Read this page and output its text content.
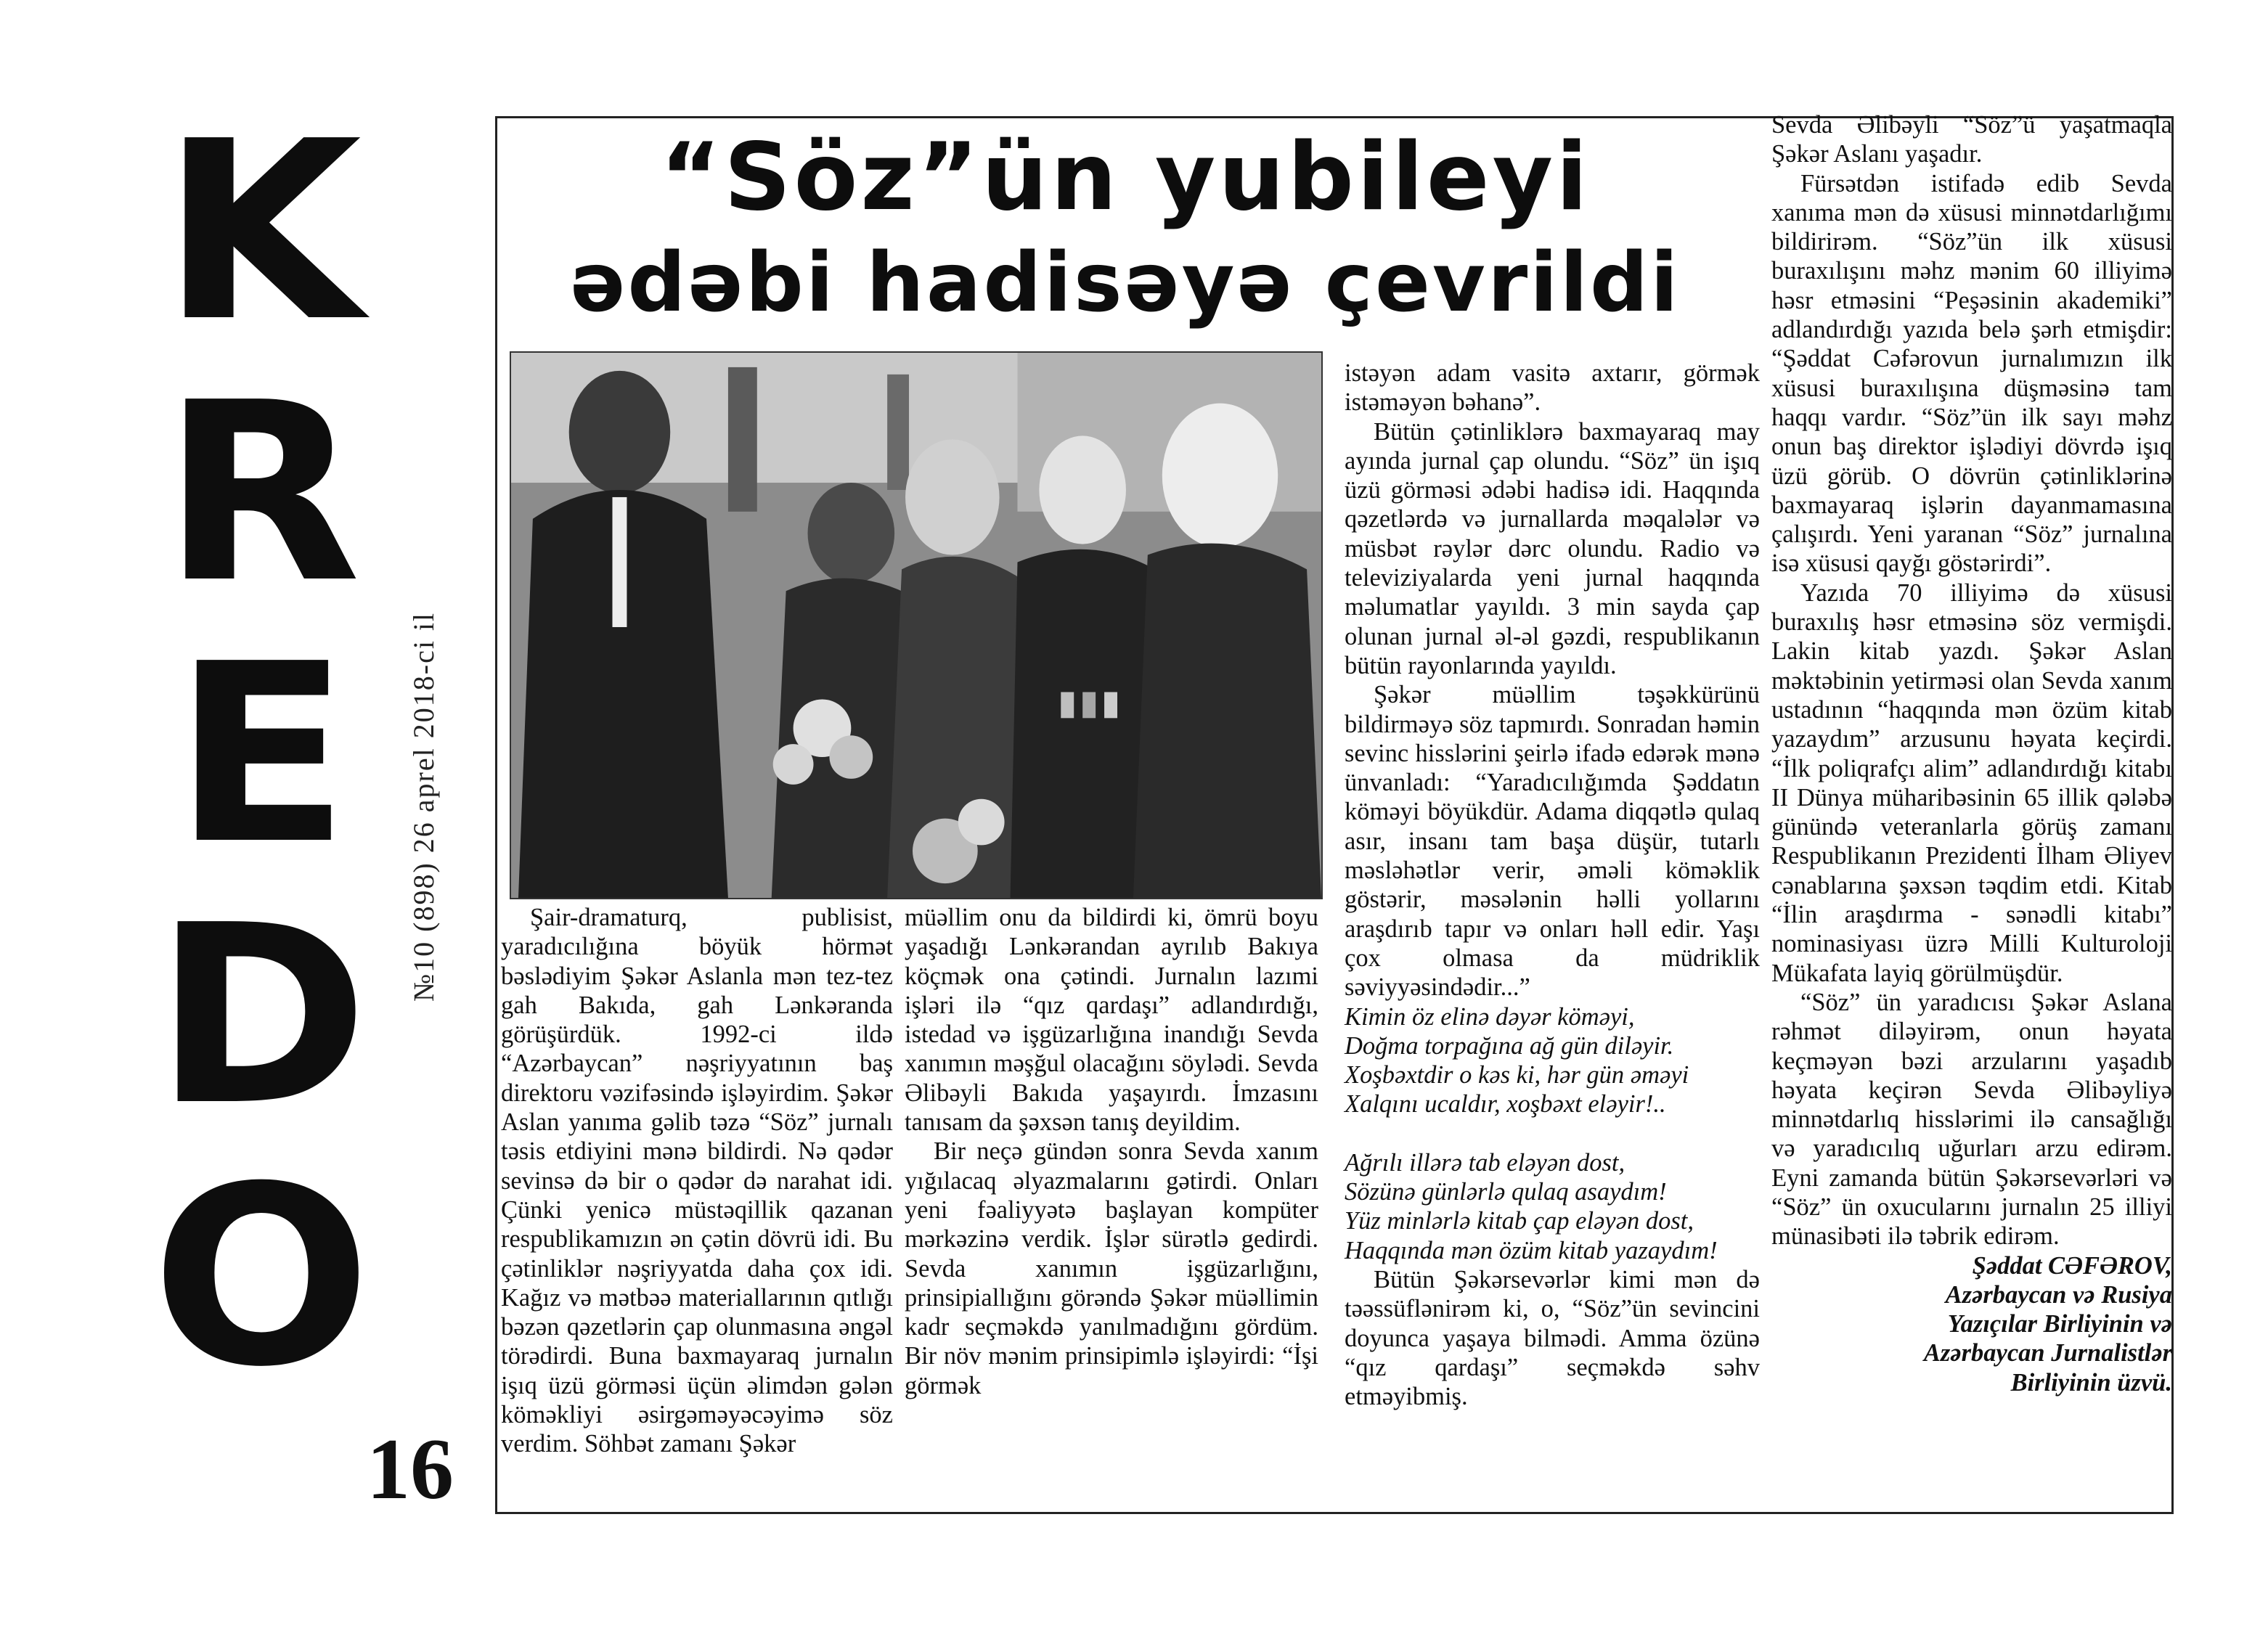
K
R
E
D
O
№10 (898) 26 aprel 2018-ci il
16
“Söz”ün yubileyi
ədəbi hadisəyə çevrildi

Şair-dramaturq, publisist, yaradıcılığına böyük hörmət bəslədiyim Şəkər Aslanla mən tez-tez gah Bakıda, gah Lənkəranda görüşürdük. 1992-ci ildə “Azərbaycan” nəşriyyatının baş direktoru vəzifəsində işləyirdim. Şəkər Aslan yanıma gəlib təzə “Söz” jurnalı təsis etdiyini mənə bildirdi. Nə qədər sevinsə də bir o qədər də narahat idi. Çünki yenicə müstəqillik qazanan respublikamızın ən çətin dövrü idi. Bu çətinliklər nəşriyyatda daha çox idi. Kağız və mətbəə materiallarının qıtlığı bəzən qəzetlərin çap olunmasına əngəl törədirdi. Buna baxmayaraq jurnalın işıq üzü görməsi üçün əlimdən gələn köməkliyi əsirgəməyəcəyimə söz verdim. Söhbət zamanı Şəkər

müəllim onu da bildirdi ki, ömrü boyu yaşadığı Lənkərandan ayrılıb Bakıya köçmək ona çətindi. Jurnalın lazımi işləri ilə “qız qardaşı” adlandırdığı, istedad və işgüzarlığına inandığı Sevda xanımın məşğul olacağını söylədi. Sevda Əlibəyli Bakıda yaşayırdı. İmzasını tanısam da şəxsən tanış deyildim.

Bir neçə gündən sonra Sevda xanım yığılacaq əlyazmalarını gətirdi. Onları yeni fəaliyyətə başlayan kompüter mərkəzinə verdik. İşlər sürətlə gedirdi. Sevda xanımın işgüzarlığını, prinsipiallığını görəndə Şəkər müəllimin kadr seçməkdə yanılmadığını gördüm. Bir növ mənim prinsipimlə işləyirdi: “İşi görmək

istəyən adam vasitə axtarır, görmək istəməyən bəhanə”.

Bütün çətinliklərə baxmayaraq may ayında jurnal çap olundu. “Söz” ün işıq üzü görməsi ədəbi hadisə idi. Haqqında qəzetlərdə və jurnallarda məqalələr və müsbət rəylər dərc olundu. Radio və televiziyalarda yeni jurnal haqqında məlumatlar yayıldı. 3 min sayda çap olunan jurnal əl-əl gəzdi, respublikanın bütün rayonlarında yayıldı.

Şəkər müəllim təşəkkürünü bildirməyə söz tapmırdı. Sonradan həmin sevinc hisslərini şeirlə ifadə edərək mənə ünvanladı: “Yaradıcılığımda Şəddatın köməyi böyükdür. Adama diqqətlə qulaq asır, insanı tam başa düşür, tutarlı məsləhətlər verir, əməli köməklik göstərir, məsələnin həlli yollarını araşdırıb tapır və onları həll edir. Yaşı çox olmasa da müdriklik səviyyəsindədir...”

Kimin öz elinə dəyər köməyi,

Doğma torpağına ağ gün diləyir.

Xoşbəxtdir o kəs ki, hər gün əməyi

Xalqını ucaldır, xoşbəxt eləyir!..

Ağrılı illərə tab eləyən dost,

Sözünə günlərlə qulaq asaydım!

Yüz minlərlə kitab çap eləyən dost,

Haqqında mən özüm kitab yazaydım!

Bütün Şəkərsevərlər kimi mən də təəssüflənirəm ki, o, “Söz”ün sevincini doyunca yaşaya bilmədi. Amma özünə “qız qardaşı” seçməkdə səhv etməyibmiş.

Sevda Əlibəyli “Söz”ü yaşatmaqla Şəkər Aslanı yaşadır.

Fürsətdən istifadə edib Sevda xanıma mən də xüsusi minnətdarlığımı bildirirəm. “Söz”ün ilk xüsusi buraxılışını məhz mənim 60 illiyimə həsr etməsini “Peşəsinin akademiki” adlandırdığı yazıda belə şərh etmişdir: “Şəddat Cəfərovun jurnalımızın ilk xüsusi buraxılışına düşməsinə tam haqqı vardır. “Söz”ün ilk sayı məhz onun baş direktor işlədiyi dövrdə işıq üzü görüb. O dövrün çətinliklərinə baxmayaraq işlərin dayanmamasına çalışırdı. Yeni yaranan “Söz” jurnalına isə xüsusi qayğı göstərirdi”.

Yazıda 70 illiyimə də xüsusi buraxılış həsr etməsinə söz vermişdi. Lakin kitab yazdı. Şəkər Aslan məktəbinin yetirməsi olan Sevda xanım ustadının “haqqında mən özüm kitab yazaydım” arzusunu həyata keçirdi. “İlk poliqrafçı alim” adlandırdığı kitabı II Dünya müharibəsinin 65 illik qələbə günündə veteranlarla görüş zamanı Respublikanın Prezidenti İlham Əliyev cənablarına şəxsən təqdim etdi. Kitab “İlin araşdırma - sənədli kitabı” nominasiyası üzrə Milli Kulturoloji Mükafata layiq görülmüşdür.

“Söz” ün yaradıcısı Şəkər Aslana rəhmət diləyirəm, onun həyata keçməyən bəzi arzularını yaşadıb həyata keçirən Sevda Əlibəyliyə minnətdarlıq hisslərimi ilə cansağlığı və yaradıcılıq uğurları arzu edirəm. Eyni zamanda bütün Şəkərsevərləri və “Söz” ün oxucularını jurnalın 25 illiyi münasibəti ilə təbrik edirəm.

Şəddat CƏFƏROV,

Azərbaycan və Rusiya

Yazıçılar Birliyinin və

Azərbaycan Jurnalistlər

Birliyinin üzvü.
